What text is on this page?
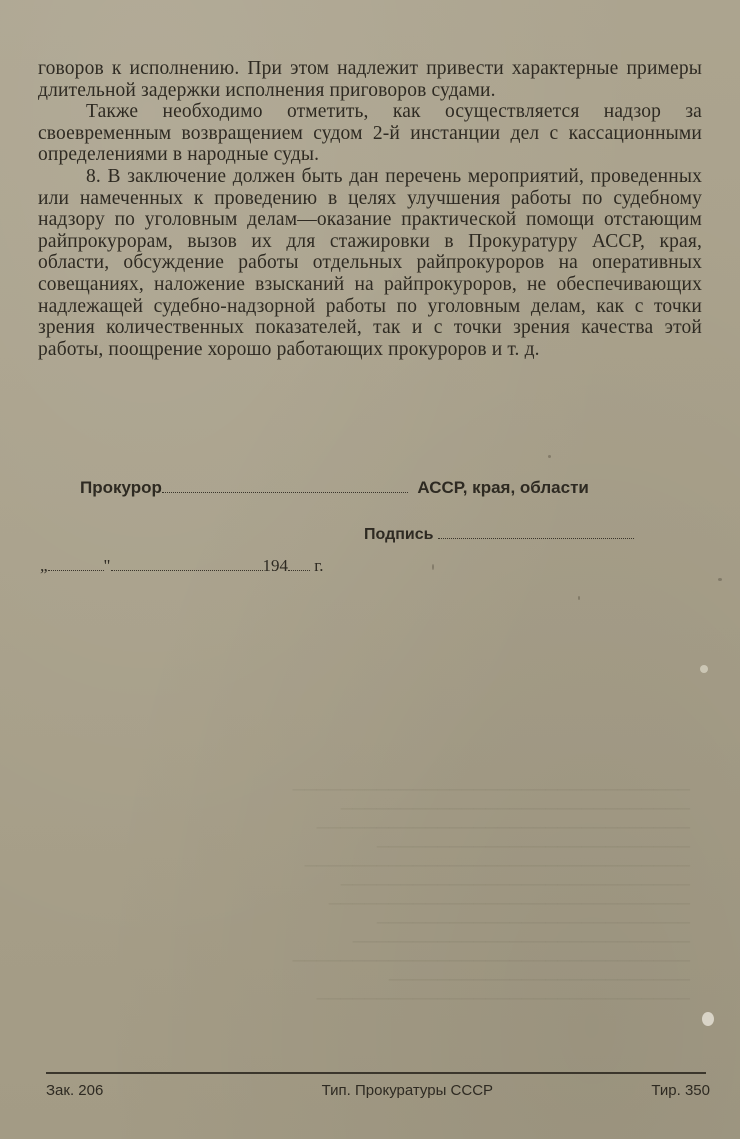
─────────────────────────────────
─────────────────────────────
───────────────────────────────
──────────────────────────
────────────────────────────────
─────────────────────────────
──────────────────────────────
──────────────────────────
────────────────────────────
─────────────────────────────────
─────────────────────────
───────────────────────────────

говоров к исполнению. При этом надлежит привести характерные примеры длительной задержки исполнения приговоров судами.

Также необходимо отметить, как осуществляется надзор за своевременным возвращением судом 2-й инстанции дел с кассационными определениями в народные суды.

8. В заключение должен быть дан перечень мероприятий, проведенных или намеченных к проведению в целях улучшения работы по судебному надзору по уголовным делам—оказание практической помощи отстающим райпрокурорам, вызов их для стажировки в Прокуратуру АССР, края, области, обсуждение работы отдельных райпрокуроров на оперативных совещаниях, наложение взысканий на райпрокуроров, не обеспечивающих надлежащей судебно-надзорной работы по уголовным делам, как с точки зрения количественных показателей, так и с точки зрения качества этой работы, поощрение хорошо работающих прокуроров и т. д.

Прокурор	АССР, края, области
Подпись
„	"	194 г.
Зак. 206	Тип. Прокуратуры СССР	Тир. 350
